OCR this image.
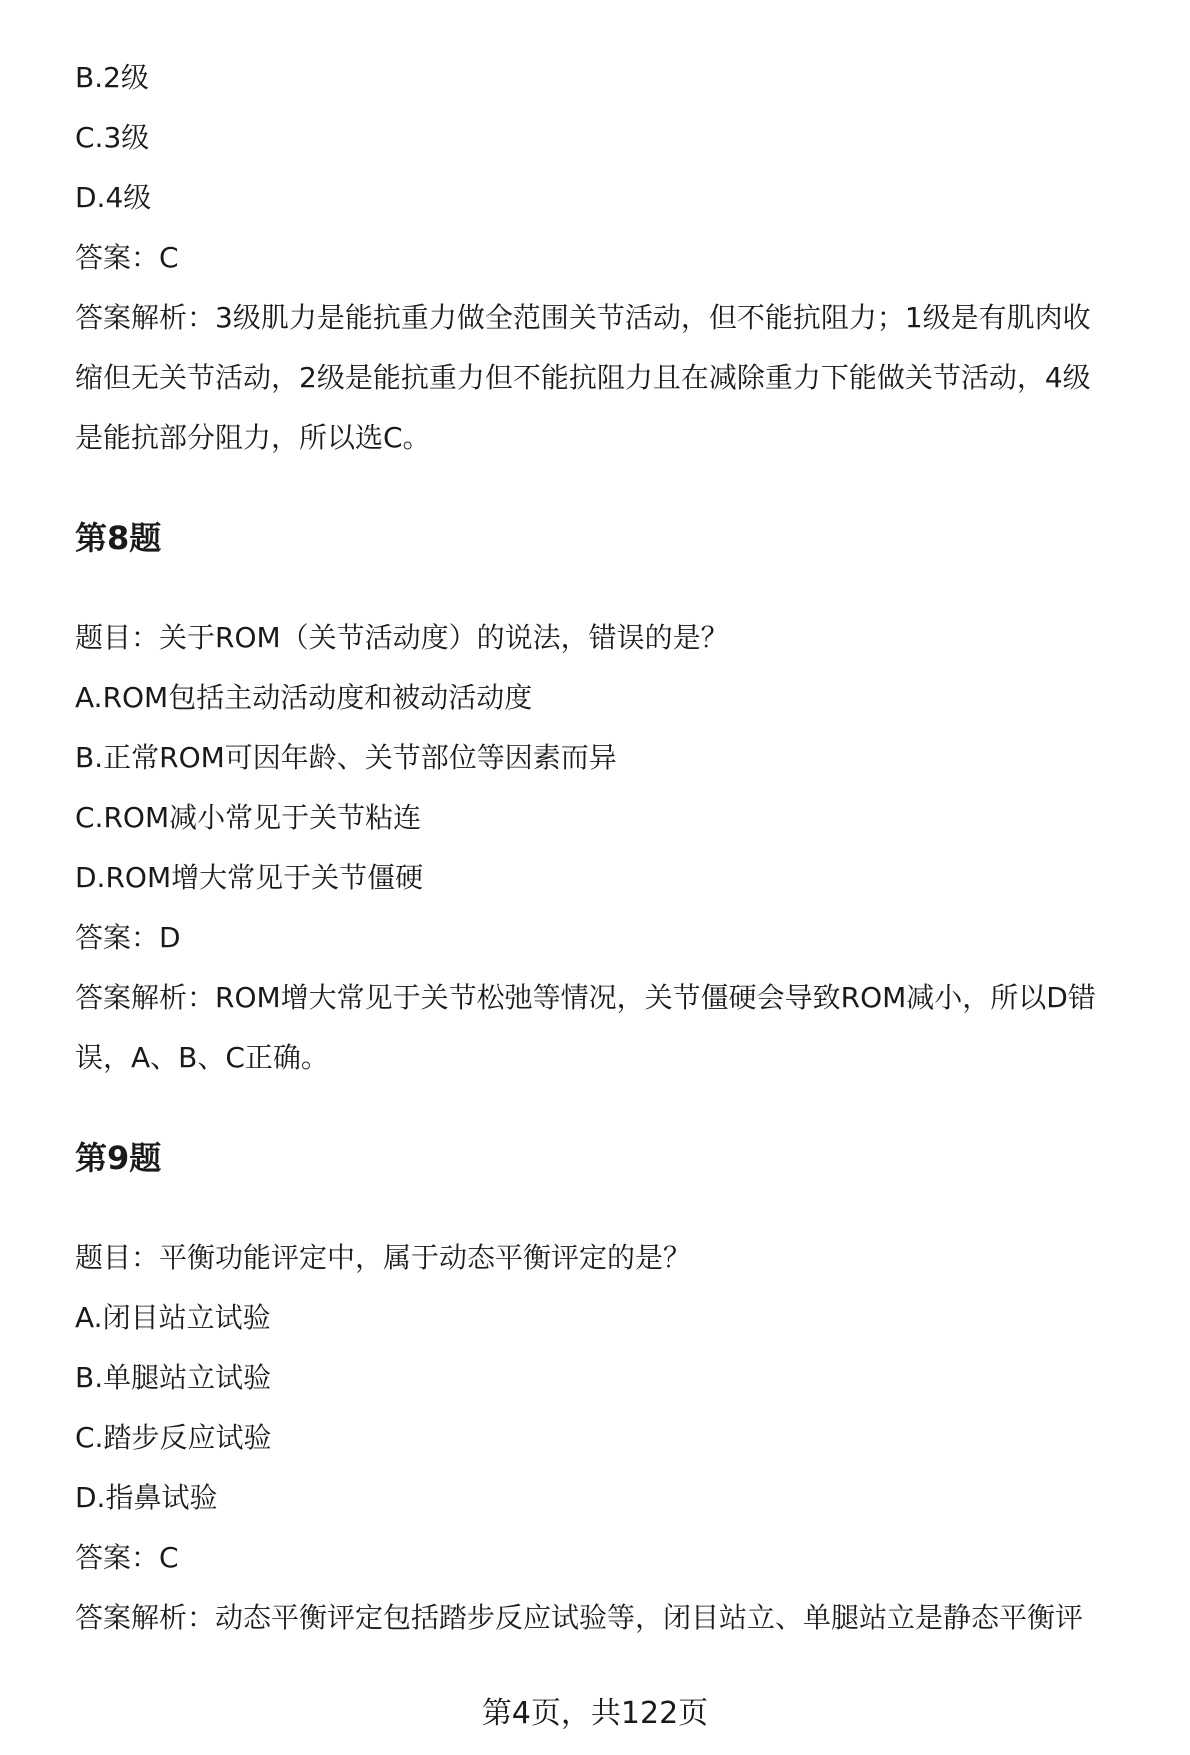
B.2级

C.3级

D.4级

答案：C

答案解析：3级肌力是能抗重力做全范围关节活动，但不能抗阻力；1级是有肌肉收

缩但无关节活动，2级是能抗重力但不能抗阻力且在减除重力下能做关节活动，4级

是能抗部分阻力，所以选C。

第8题

题目：关于ROM（关节活动度）的说法，错误的是？

A.ROM包括主动活动度和被动活动度

B.正常ROM可因年龄、关节部位等因素而异

C.ROM减小常见于关节粘连

D.ROM增大常见于关节僵硬

答案：D

答案解析：ROM增大常见于关节松弛等情况，关节僵硬会导致ROM减小，所以D错

误，A、B、C正确。

第9题

题目：平衡功能评定中，属于动态平衡评定的是？

A.闭目站立试验

B.单腿站立试验

C.踏步反应试验

D.指鼻试验

答案：C

答案解析：动态平衡评定包括踏步反应试验等，闭目站立、单腿站立是静态平衡评

第4页，共122页
